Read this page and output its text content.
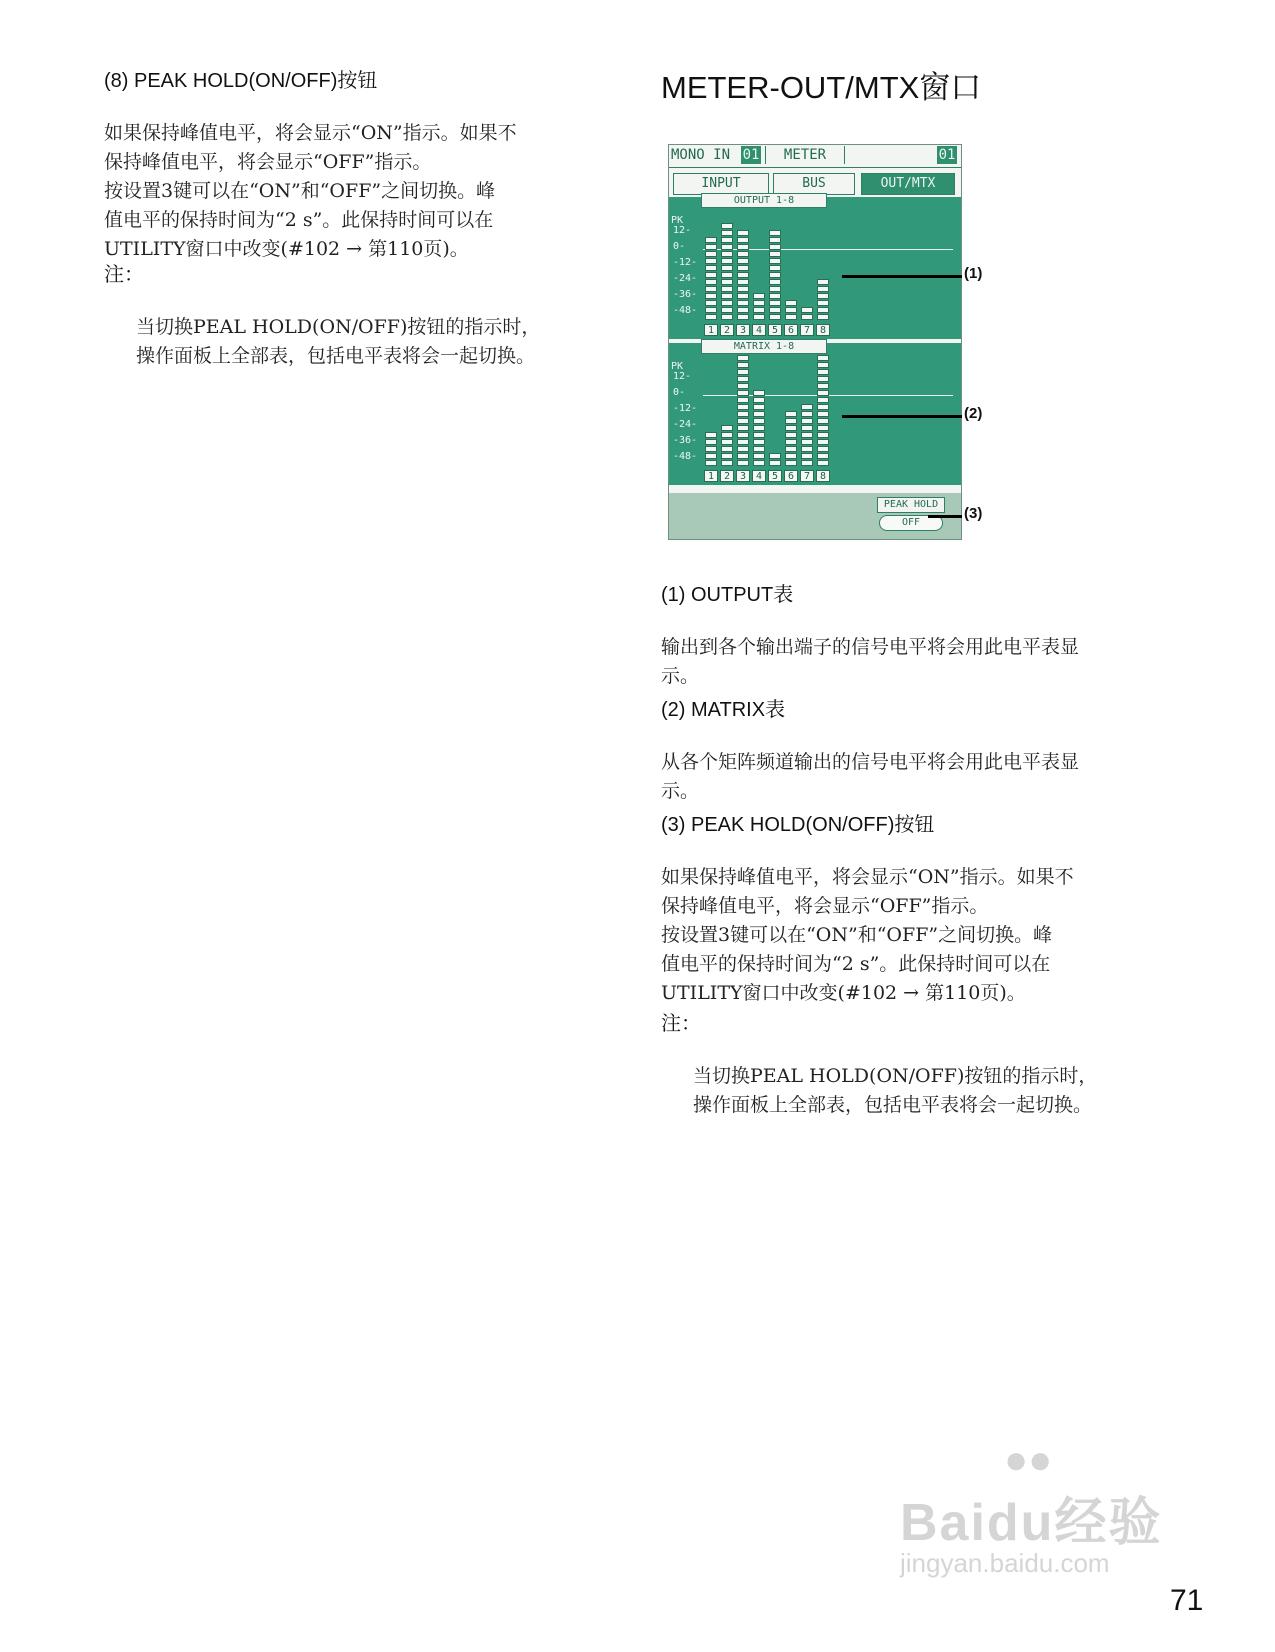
(8) PEAK HOLD(ON/OFF)按钮

如果保持峰值电平，将会显示“ON”指示。如果不
保持峰值电平，将会显示“OFF”指示。
按设置3键可以在“ON”和“OFF”之间切换。峰
值电平的保持时间为“2 s”。此保持时间可以在
UTILITY窗口中改变(#102 → 第110页)。

注：

当切换PEAL HOLD(ON/OFF)按钮的指示时，
操作面板上全部表，包括电平表将会一起切换。

METER-OUT/MTX窗口
MONO IN 01	METER	01
INPUT	BUS	OUT/MTX
OUTPUT 1-8
MATRIX 1-8
PEAK HOLD
OFF
PK
12-
0-
-12-
-24-
-36-
-48-
1 2 3 4 5 6 7 8
PK
12-
0-
-12-
-24-
-36-
-48-
1 2 3 4 5 6 7 8
(1)
(2)
(3)
(1) OUTPUT表

输出到各个输出端子的信号电平将会用此电平表显
示。

(2) MATRIX表

从各个矩阵频道输出的信号电平将会用此电平表显
示。

(3) PEAK HOLD(ON/OFF)按钮

如果保持峰值电平，将会显示“ON”指示。如果不
保持峰值电平，将会显示“OFF”指示。
按设置3键可以在“ON”和“OFF”之间切换。峰
值电平的保持时间为“2 s”。此保持时间可以在
UTILITY窗口中改变(#102 → 第110页)。

注：

当切换PEAL HOLD(ON/OFF)按钮的指示时，
操作面板上全部表，包括电平表将会一起切换。

Baidu经验
jingyan.baidu.com
●●
71
